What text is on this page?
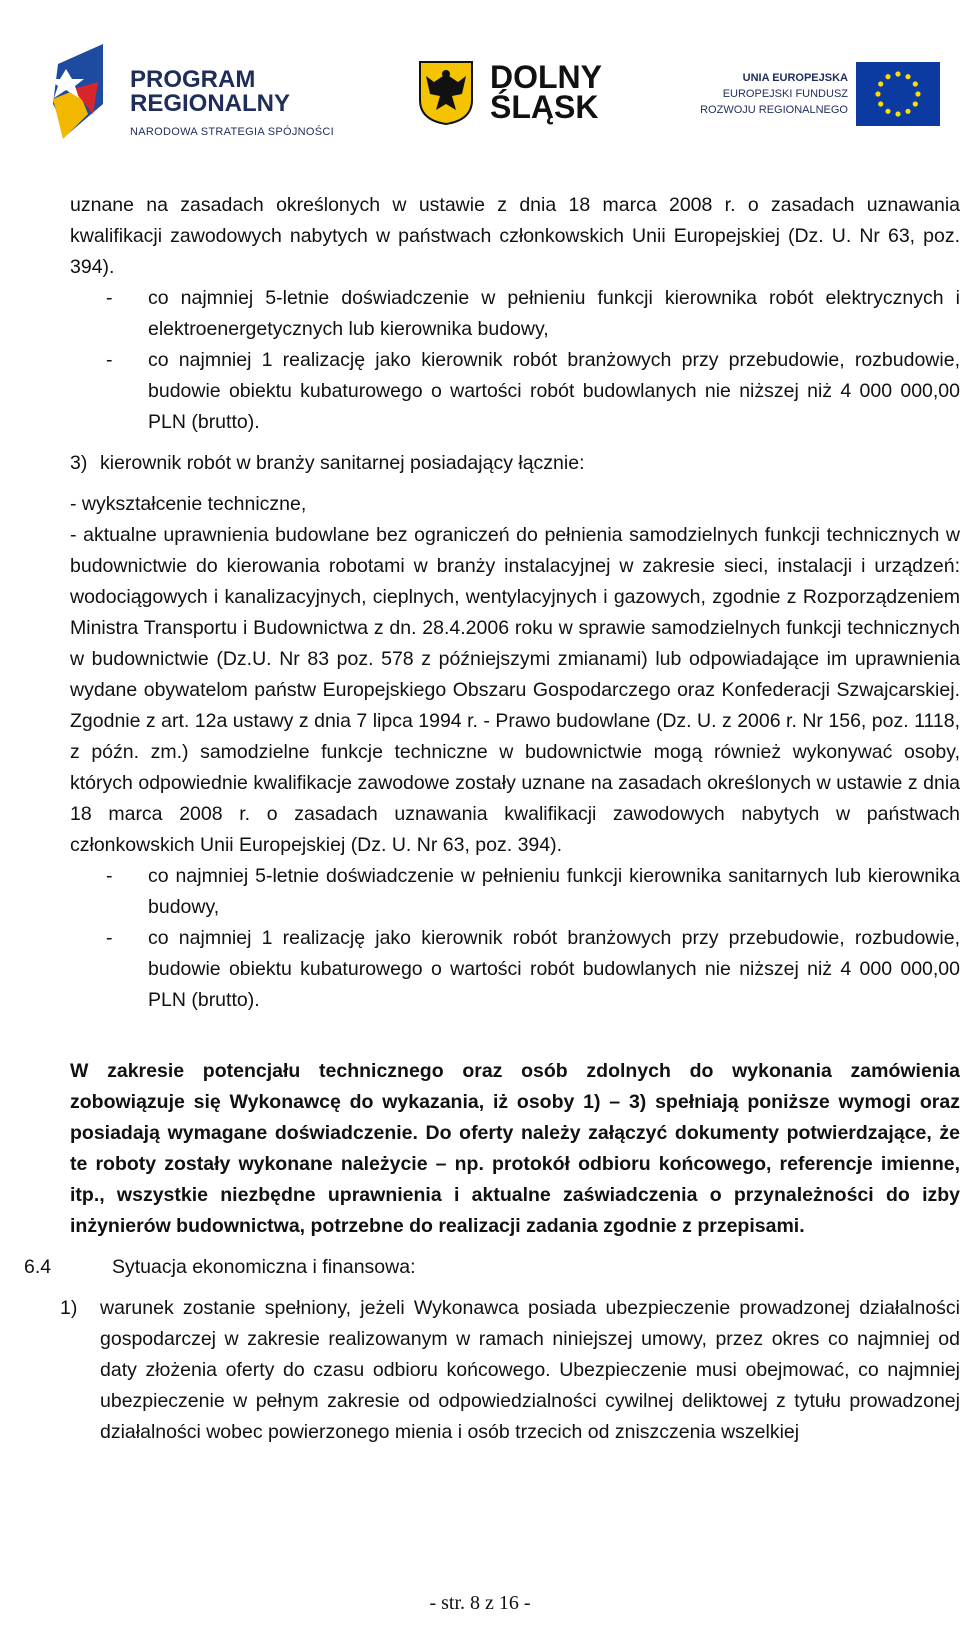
PROGRAM
REGIONALNY
NARODOWA STRATEGIA SPÓJNOŚCI
DOLNY
ŚLĄSK
UNIA EUROPEJSKA
EUROPEJSKI FUNDUSZ
ROZWOJU REGIONALNEGO

uznane na zasadach określonych w ustawie z dnia 18 marca 2008 r. o zasadach uznawania kwalifikacji zawodowych nabytych w państwach członkowskich Unii Europejskiej (Dz. U. Nr 63, poz. 394).

- co najmniej 5-letnie doświadczenie w pełnieniu funkcji kierownika robót elektrycznych i elektroenergetycznych lub kierownika budowy,
- co najmniej 1 realizację jako kierownik robót branżowych przy przebudowie, rozbudowie, budowie obiektu kubaturowego o wartości robót budowlanych nie niższej niż 4 000 000,00 PLN (brutto).
3) kierownik robót w branży sanitarnej posiadający łącznie:

- wykształcenie techniczne,

- aktualne uprawnienia budowlane bez ograniczeń do pełnienia samodzielnych funkcji technicznych w budownictwie do kierowania robotami w branży instalacyjnej w zakresie sieci, instalacji i urządzeń: wodociągowych i kanalizacyjnych, cieplnych, wentylacyjnych i gazowych, zgodnie z Rozporządzeniem Ministra Transportu i Budownictwa z dn. 28.4.2006 roku w sprawie samodzielnych funkcji technicznych w budownictwie (Dz.U. Nr 83 poz. 578 z późniejszymi zmianami) lub odpowiadające im uprawnienia wydane obywatelom państw Europejskiego Obszaru Gospodarczego oraz Konfederacji Szwajcarskiej. Zgodnie z art. 12a ustawy z dnia 7 lipca 1994 r. - Prawo budowlane (Dz. U. z 2006 r. Nr 156, poz. 1118, z późn. zm.) samodzielne funkcje techniczne w budownictwie mogą również wykonywać osoby, których odpowiednie kwalifikacje zawodowe zostały uznane na zasadach określonych w ustawie z dnia 18 marca 2008 r. o zasadach uznawania kwalifikacji zawodowych nabytych w państwach członkowskich Unii Europejskiej (Dz. U. Nr 63, poz. 394).

- co najmniej 5-letnie doświadczenie w pełnieniu funkcji kierownika sanitarnych lub kierownika budowy,
- co najmniej 1 realizację jako kierownik robót branżowych przy przebudowie, rozbudowie, budowie obiektu kubaturowego o wartości robót budowlanych nie niższej niż 4 000 000,00 PLN (brutto).

W zakresie potencjału technicznego oraz osób zdolnych do wykonania zamówienia zobowiązuje się Wykonawcę do wykazania, iż osoby 1) – 3) spełniają poniższe wymogi oraz posiadają wymagane doświadczenie. Do oferty należy załączyć dokumenty potwierdzające, że te roboty zostały wykonane należycie – np. protokół odbioru końcowego, referencje imienne, itp., wszystkie niezbędne uprawnienia i aktualne zaświadczenia o przynależności do izby inżynierów budownictwa, potrzebne do realizacji zadania zgodnie z przepisami.

6.4	Sytuacja ekonomiczna i finansowa:
1) warunek zostanie spełniony, jeżeli Wykonawca posiada ubezpieczenie prowadzonej działalności gospodarczej w zakresie realizowanym w ramach niniejszej umowy, przez okres co najmniej od daty złożenia oferty do czasu odbioru końcowego. Ubezpieczenie musi obejmować, co najmniej ubezpieczenie w pełnym zakresie od odpowiedzialności cywilnej deliktowej z tytułu prowadzonej działalności wobec powierzonego mienia i osób trzecich od zniszczenia wszelkiej
- str. 8 z 16 -
